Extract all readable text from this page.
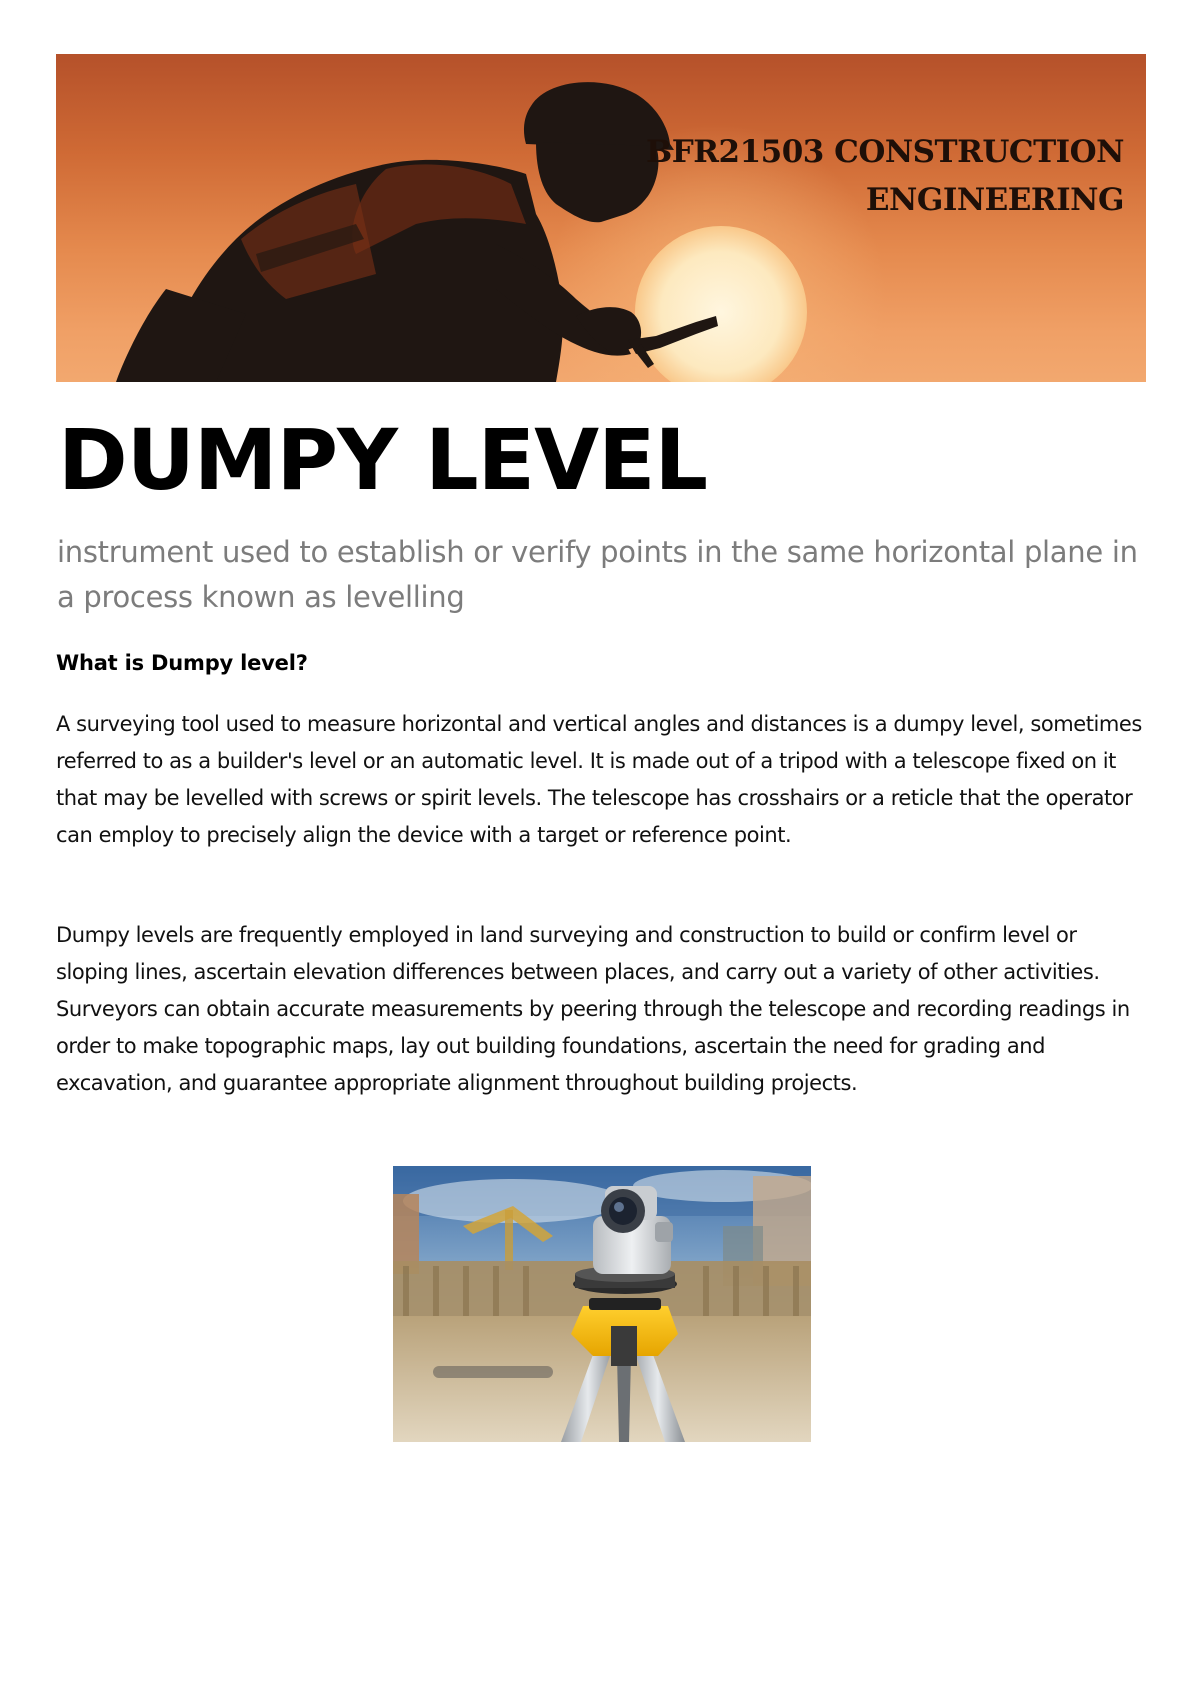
BFR21503 CONSTRUCTION
ENGINEERING
DUMPY LEVEL

instrument used to establish or verify points in the same horizontal plane in a process known as levelling

What is Dumpy level?

A surveying tool used to measure horizontal and vertical angles and distances is a dumpy level, sometimes referred to as a builder's level or an automatic level. It is made out of a tripod with a telescope fixed on it that may be levelled with screws or spirit levels. The telescope has crosshairs or a reticle that the operator can employ to precisely align the device with a target or reference point.

Dumpy levels are frequently employed in land surveying and construction to build or confirm level or sloping lines, ascertain elevation differences between places, and carry out a variety of other activities. Surveyors can obtain accurate measurements by peering through the telescope and recording readings in order to make topographic maps, lay out building foundations, ascertain the need for grading and excavation, and guarantee appropriate alignment throughout building projects.
